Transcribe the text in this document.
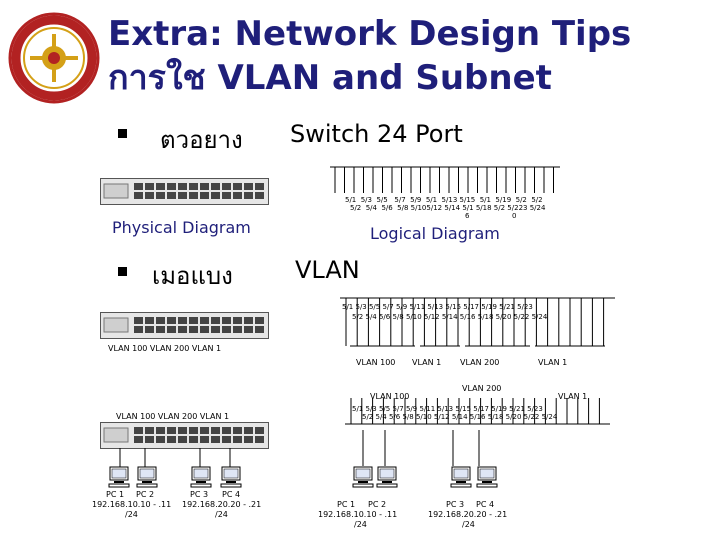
Extra: Network Design Tips
การใช VLAN and Subnet
ตวอยาง Switch 24 Port
5/1 5/3 5/5 5/7 5/9 5/1 5/13 5/15 5/1 5/19 5/2 5/2
5/2 5/4 5/6 5/8 5/105/12 5/14 5/1 5/18 5/2 5/223 5/24
6	0
Physical Diagram	Logical Diagram
เมอแบง	VLAN
VLAN 100 VLAN 200 VLAN 1
5/1 5/3 5/5 5/7 5/9 5/11 5/13 5/15 5/17 5/19 5/21 5/23
5/2 5/4 5/6 5/8 5/10 5/12 5/14 5/16 5/18 5/20 5/22 5/24
VLAN 100 VLAN 1 VLAN 200	VLAN 1
VLAN 100
VLAN 200
VLAN 1
5/1 5/3 5/5 5/7 5/9 5/11 5/13 5/15 5/17 5/19 5/21 5/23
5/2 5/4 5/6 5/8 5/10 5/12 5/14 5/16 5/18 5/20 5/22 5/24
VLAN 100 VLAN 200 VLAN 1
PC 1 PC 2
192.168.10.10 - .11
/24
PC 3 PC 4
192.168.20.20 - .21
/24
PC 1 PC 2
192.168.10.10 - .11
/24
PC 3 PC 4
192.168.20.20 - .21
/24
